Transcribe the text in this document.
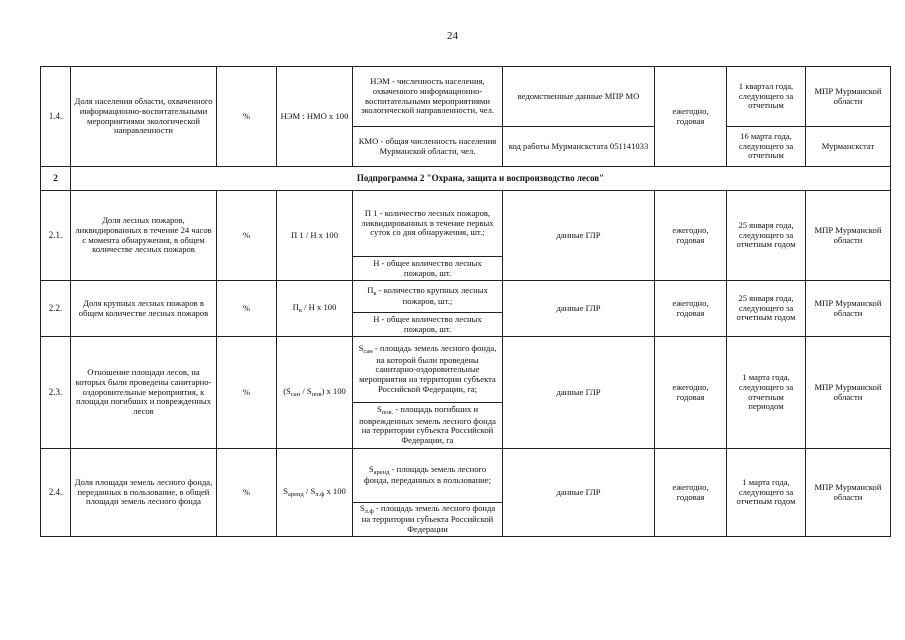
24
1.4.	Доля населения области, охваченного информационно-воспитательными мероприятиями экологической направленности	%	НЭМ : НМО х 100	НЭМ - численность населения, охваченного информационно-воспитательными мероприятиями экологической направленности, чел.	ведомственные данные МПР МО	ежегодно, годовая	1 квартал года, следующего за отчетным	МПР Мурманской области
				КМО - общая численность населения Мурманской области, чел.	код работы Мурманскстата 051141033		16 марта года, следующего за отчетным	Мурманскстат
2	Подпрограмма 2 "Охрана, защита и воспроизводство лесов"							
2.1.	Доля лесных пожаров, ликвидированных в течение 24 часов с момента обнаружения, в общем количестве лесных пожаров	%	П 1 / Н х 100	П 1 - количество лесных пожаров, ликвидированных в течение первых суток со дня обнаружения, шт.;	данные ГЛР	ежегодно, годовая	25 января года, следующего за отчетным годом	МПР Мурманской области
				Н - общее количество лесных пожаров, шт.				
2.2.	Доля крупных лесных пожаров в общем количестве лесных пожаров	%	$П_к$ / Н х 100	$П_к$ - количество крупных лесных пожаров, шт.;	данные ГЛР	ежегодно, годовая	25 января года, следующего за отчетным годом	МПР Мурманской области
				Н - общее количество лесных пожаров, шт.				
2.3.	Отношение площади лесов, на которых были проведены санитарно-оздоровительные мероприятия, к площади погибших и поврежденных лесов	%	$(S_{сан} / S_{пов})$ х 100	$S_{сан}$ - площадь земель лесного фонда, на которой были проведены санитарно-оздоровительные мероприятия на территории субъекта Российской Федерации, га;	данные ГЛР	ежегодно, годовая	1 марта года, следующего за отчетным периодом	МПР Мурманской области
				$S_{пов.}$ - площадь погибших и поврежденных земель лесного фонда на территории субъекта Российской Федерации, га				
2.4.	Доля площади земель лесного фонда, переданных в пользование, в общей площади земель лесного фонда	%	$S_{аренд} / S_{л.ф}$ х 100	$S_{аренд}$ - площадь земель лесного фонда, переданных в пользование;	данные ГЛР	ежегодно, годовая	1 марта года, следующего за отчетным годом	МПР Мурманской области
				$S_{л.ф}$ - площадь земель лесного фонда на территории субъекта Российской Федерации				
